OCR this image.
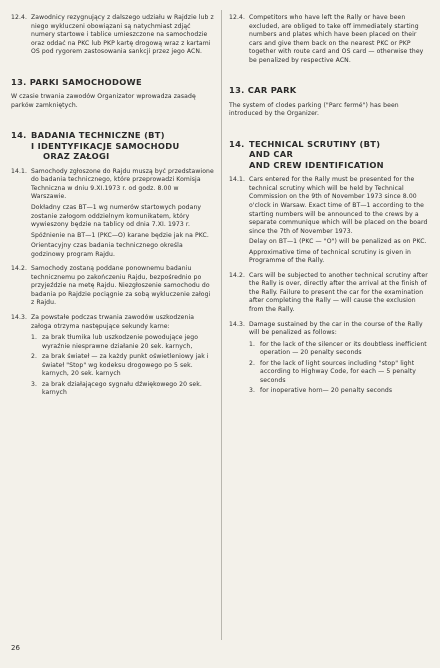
12.4. Zawodnicy rezygnujący z dalszego udziału w Rajdzie lub z niego wykluczeni obowiązani są natychmiast zdjąć numery startowe i tablice umieszczone na samochodzie oraz oddać na PKC lub PKP kartę drogową wraz z kartami OS pod rygorem zastosowania sankcji przez jego ACN.
13. PARKI SAMOCHODOWE
W czasie trwania zawodów Organizator wprowadza zasadę parków zamkniętych.
14. BADANIA TECHNICZNE (BT)
I IDENTYFIKACJE SAMOCHODU
ORAZ ZAŁOGI
14.1. Samochody zgłoszone do Rajdu muszą być przedstawione do badania technicznego, które przeprowadzi Komisja Techniczna w dniu 9.XI.1973 r. od godz. 8.00 w Warszawie.
Dokładny czas BT—1 wg numerów startowych podany zostanie załogom oddzielnym komunikatem, który wywieszony będzie na tablicy od dnia 7.XI. 1973 r.
Spóźnienie na BT—1 (PKC—O) karane będzie jak na PKC.
Orientacyjny czas badania technicznego określa godzinowy program Rajdu.
14.2. Samochody zostaną poddane ponownemu badaniu technicznemu po zakończeniu Rajdu, bezpośrednio po przyjeździe na metę Rajdu. Niezgłoszenie samochodu do badania po Rajdzie pociągnie za sobą wykluczenie załogi z Rajdu.
14.3. Za powstałe podczas trwania zawodów uszkodzenia załoga otrzyma następujące sekundy karne:
1. za brak tłumika lub uszkodzenie powodujące jego wyraźnie niesprawne działanie 20 sek. karnych,
2. za brak świateł — za każdy punkt oświetleniowy jak i świateł "Stop" wg kodeksu drogowego po 5 sek. karnych, 20 sek. karnych
3. za brak działającego sygnału dźwiękowego 20 sek. karnych
12.4. Competitors who have left the Rally or have been excluded, are obliged to take off immediately starting numbers and plates which have been placed on their cars and give them back on the nearest PKC or PKP together with route card and OS card — otherwise they be penalized by respective ACN.
13. CAR PARK
The system of clodes parking ("Parc fermé") has been introduced by the Organizer.
14. TECHNICAL SCRUTINY (BT)
AND CAR
AND CREW IDENTIFICATION
14.1. Cars entered for the Rally must be presented for the technical scrutiny which will be held by Technical Commission on the 9th of November 1973 since 8.00 o'clock in Warsaw. Exact time of BT—1 according to the starting numbers will be announced to the crews by a separate communique which will be placed on the board since the 7th of November 1973.
Delay on BT—1 (PKC — "O") will be penalized as on PKC.
Approximative time of technical scrutiny is given in Programme of the Rally.
14.2. Cars will be subjected to another technical scrutiny after the Rally is over, directly after the arrival at the finish of the Rally. Failure to present the car for the examination after completing the Rally — will cause the exclusion from the Rally.
14.3. Damage sustained by the car in the course of the Rally will be penalized as follows:
1. for the lack of the silencer or its doubtless inefficient operation — 20 penalty seconds
2. for the lack of light sources including "stop" light according to Highway Code, for each — 5 penalty seconds
3. for inoperative horn— 20 penalty seconds
26
